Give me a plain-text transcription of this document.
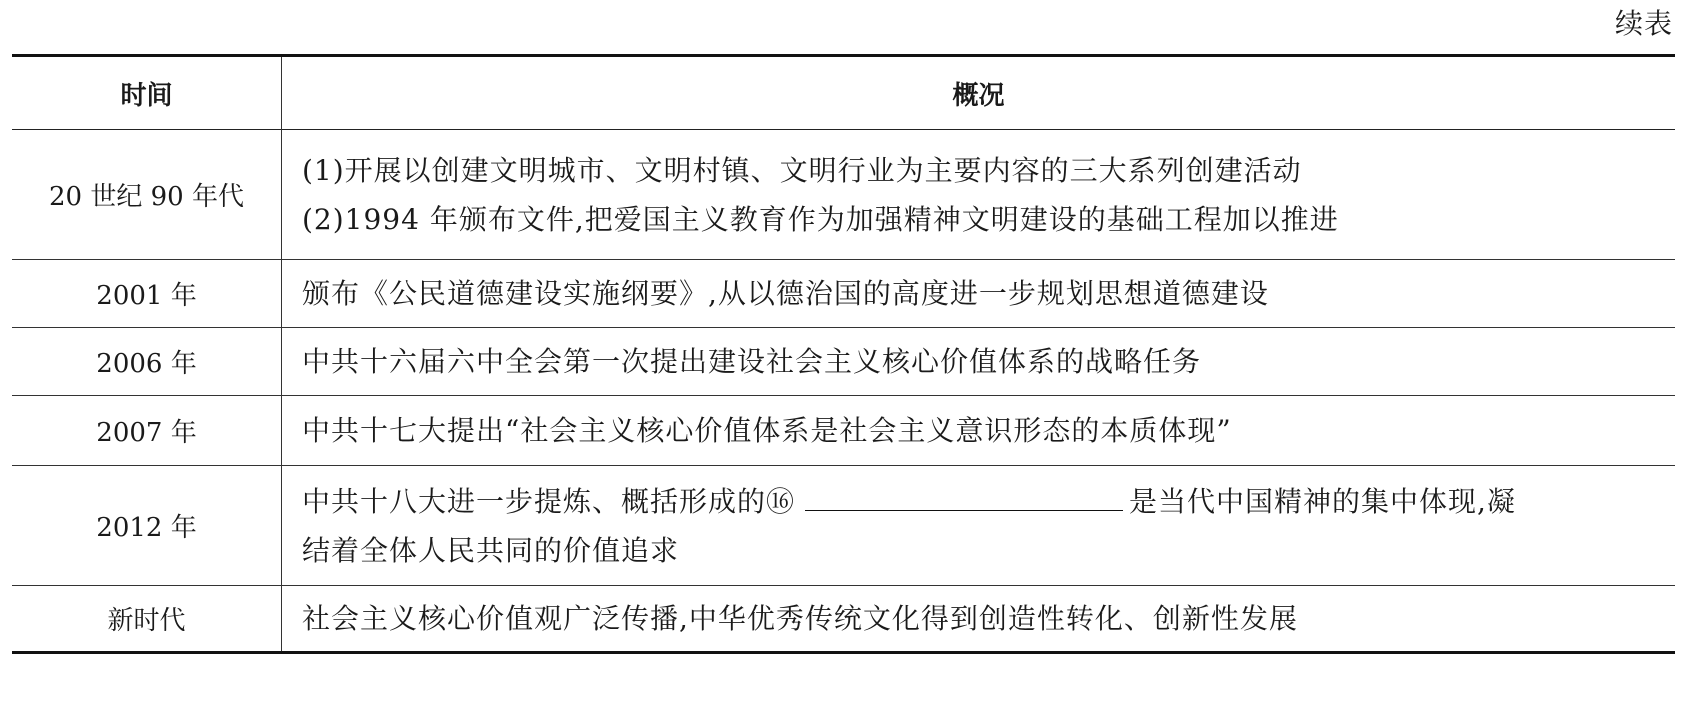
续表
时间	概况
20 世纪 90 年代	(1)开展以创建文明城市、文明村镇、文明行业为主要内容的三大系列创建活动
(2)1994 年颁布文件,把爱国主义教育作为加强精神文明建设的基础工程加以推进

2001 年	颁布《公民道德建设实施纲要》,从以德治国的高度进一步规划思想道德建设

2006 年	中共十六届六中全会第一次提出建设社会主义核心价值体系的战略任务

2007 年	中共十七大提出“社会主义核心价值体系是社会主义意识形态的本质体现”

2012 年	中共十八大进一步提炼、概括形成的⑯ 是当代中国精神的集中体现,凝
结着全体人民共同的价值追求

新时代	社会主义核心价值观广泛传播,中华优秀传统文化得到创造性转化、创新性发展
